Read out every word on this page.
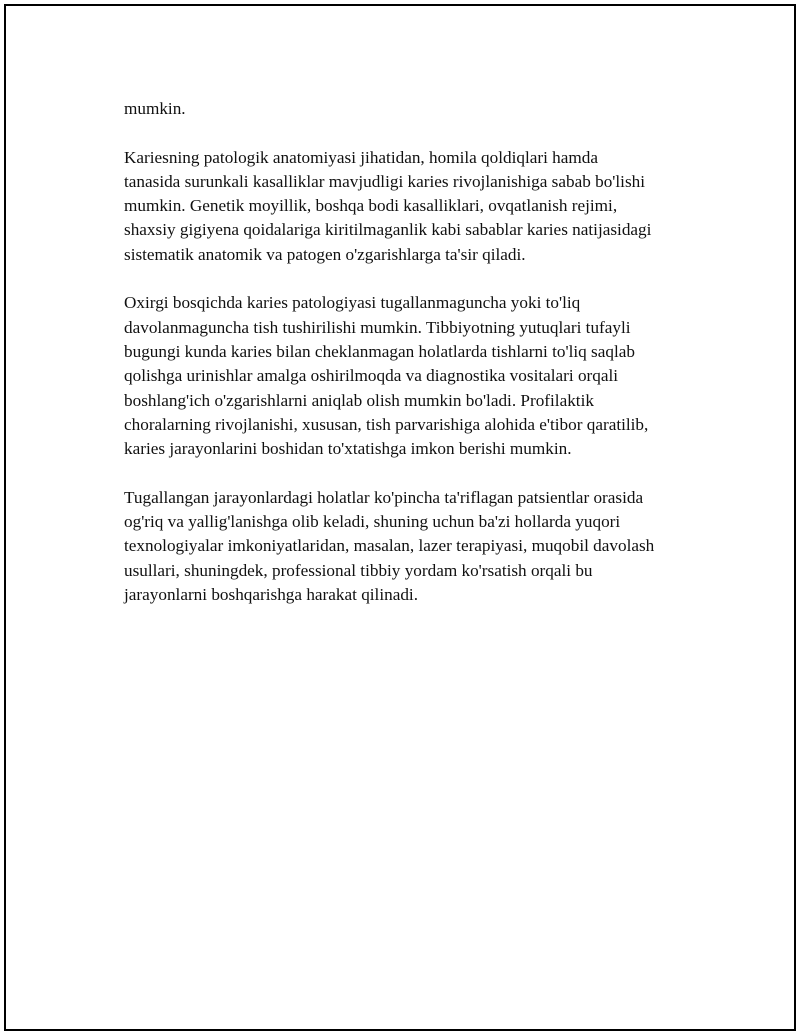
mumkin.

Kariesning patologik anatomiyasi jihatidan, homila qoldiqlari hamda
tanasida surunkali kasalliklar mavjudligi karies rivojlanishiga sabab bo'lishi
mumkin. Genetik moyillik, boshqa bodi kasalliklari, ovqatlanish rejimi,
shaxsiy gigiyena qoidalariga kiritilmaganlik kabi sabablar karies natijasidagi
sistematik anatomik va patogen o'zgarishlarga ta'sir qiladi.

Oxirgi bosqichda karies patologiyasi tugallanmaguncha yoki to'liq
davolanmaguncha tish tushirilishi mumkin. Tibbiyotning yutuqlari tufayli
bugungi kunda karies bilan cheklanmagan holatlarda tishlarni to'liq saqlab
qolishga urinishlar amalga oshirilmoqda va diagnostika vositalari orqali
boshlang'ich o'zgarishlarni aniqlab olish mumkin bo'ladi. Profilaktik
choralarning rivojlanishi, xususan, tish parvarishiga alohida e'tibor qaratilib,
karies jarayonlarini boshidan to'xtatishga imkon berishi mumkin.

Tugallangan jarayonlardagi holatlar ko'pincha ta'riflagan patsientlar orasida
og'riq va yallig'lanishga olib keladi, shuning uchun ba'zi hollarda yuqori
texnologiyalar imkoniyatlaridan, masalan, lazer terapiyasi, muqobil davolash
usullari, shuningdek, professional tibbiy yordam ko'rsatish orqali bu
jarayonlarni boshqarishga harakat qilinadi.
